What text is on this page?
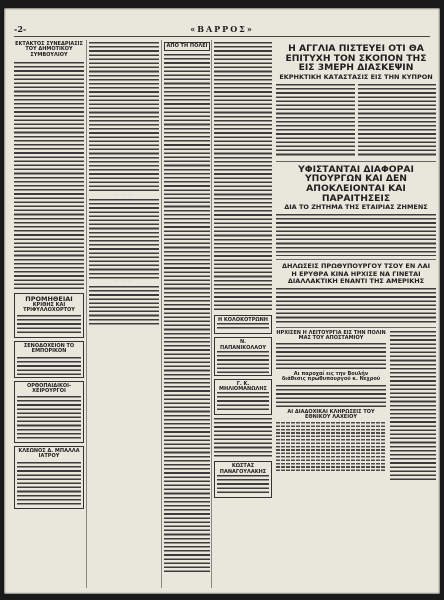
-2-	«ΒΑΡΡΟΣ»

ΕΚΤΑΚΤΟΣ ΣΥΝΕΔΡΙΑΣΙΣ ΤΟΥ ΔΗΜΟΤΙΚΟΥ ΣΥΜΒΟΥΛΙΟΥ

ΠΡΟΜΗΘΕΙΑΙ

ΚΡΙΘΗΣ ΚΑΙ ΤΡΙΦΥΛΛΟΧΟΡΤΟΥ

ΣΕΝΟΔΟΧΕΙΟΝ ΤΟ ΕΜΠΟΡΙΚΟΝ

ΟΡΘΟΠΑΙΔΙΚΟΙ-ΧΕΙΡΟΥΡΓΟΙ

ΚΛΕΩΝΟΣ Δ. ΜΠΑΛΛΑ

ΙΑΤΡΟΥ

· · ·

· · ·

ΑΠΟ ΤΗ ΠΟΛΕΙ

Η ΚΟΛΟΚΟΤΡΩΝΗ

Ν. ΠΑΠΑΝΙΚΟΛΑΟΥ

Γ. Κ. ΜΗΛΙΟΜΑΝΩΛΗΣ

ΚΩΣΤΑΣ ΠΑΝΑΓΟΥΛΑΚΗΣ

Η ΑΓΓΛΙΑ ΠΙΣΤΕΥΕΙ ΟΤΙ ΘΑ ΕΠΙΤΥΧΗ ΤΟΝ ΣΚΟΠΟΝ ΤΗΣ ΕΙΣ 3ΜΕΡΗ ΔΙΑΣΚΕΨΙΝ

ΕΚΡΗΚΤΙΚΗ ΚΑΤΑΣΤΑΣΙΣ ΕΙΣ ΤΗΝ ΚΥΠΡΟΝ

ΥΦΙΣΤΑΝΤΑΙ ΔΙΑΦΟΡΑΙ ΥΠΟΥΡΓΩΝ ΚΑΙ ΔΕΝ ΑΠΟΚΛΕΙΟΝΤΑΙ ΚΑΙ ΠΑΡΑΙΤΗΣΕΙΣ

ΔΙΑ ΤΟ ΖΗΤΗΜΑ ΤΗΣ ΕΤΑΙΡΙΑΣ ΖΗΜΕΝΣ

ΔΗΛΩΣΕΙΣ ΠΡΩΘΥΠΟΥΡΓΟΥ ΤΣΟΥ ΕΝ ΛΑΙ

Η ΕΡΥΘΡΑ ΚΙΝΑ ΗΡΧΙΣΕ ΝΑ ΓΙΝΕΤΑΙ ΔΙΑΛΛΑΚΤΙΚΗ ΕΝΑΝΤΙ ΤΗΣ ΑΜΕΡΙΚΗΣ

ΗΡΧΙΣΕΝ Η ΛΕΙΤΟΥΡΓΙΑ ΕΙΣ ΤΗΝ ΠΟΛΙΝ ΜΑΣ ΤΟΥ ΑΠΟΣΤΑΜΙΟΥ

Αι παροχαί εις την Βουλήν

διάθεσις πρωθυπουργού κ. Νεχρού

ΑΙ ΔΙΑΔΟΧΙΚΑΙ ΚΛΗΡΩΣΕΙΣ ΤΟΥ ΕΘΝΙΚΟΥ ΛΑΧΕΙΟΥ
